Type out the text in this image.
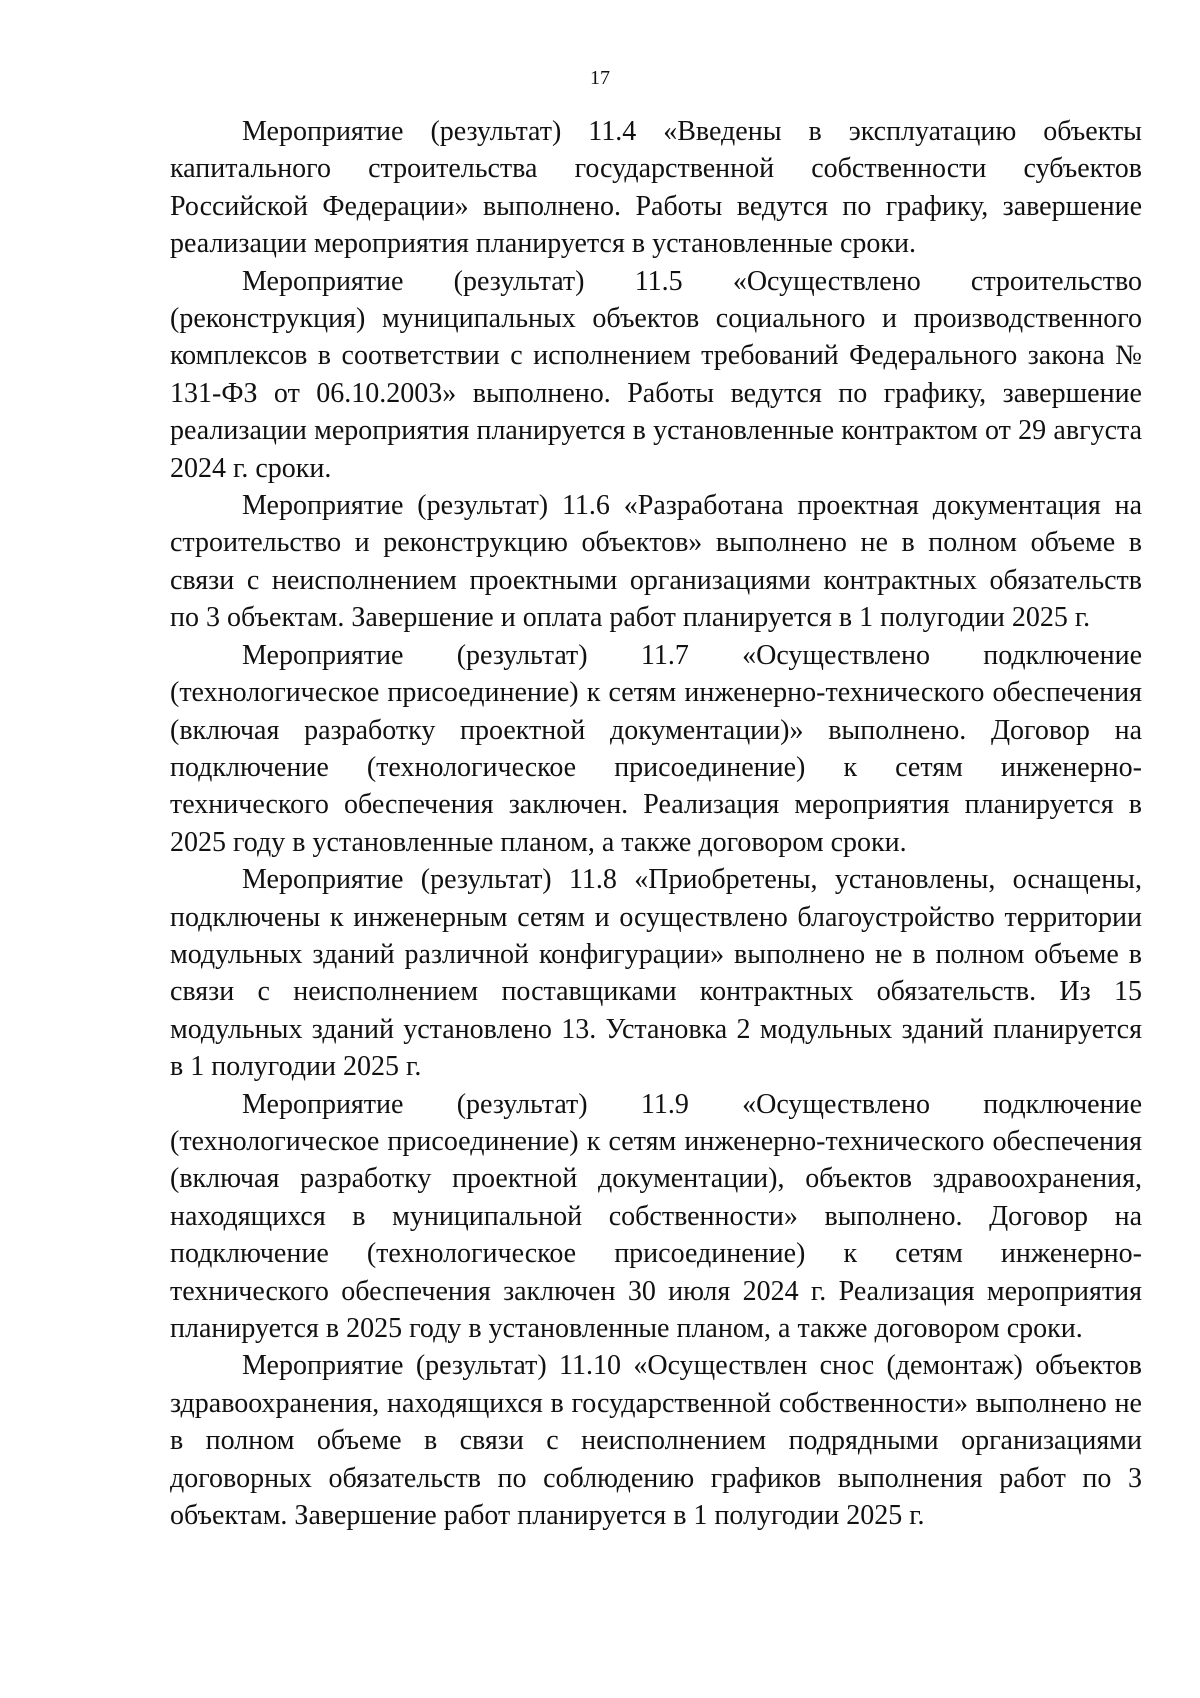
17

Мероприятие (результат) 11.4 «Введены в эксплуатацию объекты капитального строительства государственной собственности субъектов Российской Федерации» выполнено. Работы ведутся по графику, завершение реализации мероприятия планируется в установленные сроки.

Мероприятие (результат) 11.5 «Осуществлено строительство (реконструкция) муниципальных объектов социального и производственного комплексов в соответствии с исполнением требований Федерального закона № 131-ФЗ от 06.10.2003» выполнено. Работы ведутся по графику, завершение реализации мероприятия планируется в установленные контрактом от 29 августа 2024 г. сроки.

Мероприятие (результат) 11.6 «Разработана проектная документация на строительство и реконструкцию объектов» выполнено не в полном объеме в связи с неисполнением проектными организациями контрактных обязательств по 3 объектам. Завершение и оплата работ планируется в 1 полугодии 2025 г.

Мероприятие (результат) 11.7 «Осуществлено подключение (технологическое присоединение) к сетям инженерно-технического обеспечения (включая разработку проектной документации)» выполнено. Договор на подключение (технологическое присоединение) к сетям инженерно-технического обеспечения заключен. Реализация мероприятия планируется в 2025 году в установленные планом, а также договором сроки.

Мероприятие (результат) 11.8 «Приобретены, установлены, оснащены, подключены к инженерным сетям и осуществлено благоустройство территории модульных зданий различной конфигурации» выполнено не в полном объеме в связи с неисполнением поставщиками контрактных обязательств. Из 15 модульных зданий установлено 13. Установка 2 модульных зданий планируется в 1 полугодии 2025 г.

Мероприятие (результат) 11.9 «Осуществлено подключение (технологическое присоединение) к сетям инженерно-технического обеспечения (включая разработку проектной документации), объектов здравоохранения, находящихся в муниципальной собственности» выполнено. Договор на подключение (технологическое присоединение) к сетям инженерно-технического обеспечения заключен 30 июля 2024 г. Реализация мероприятия планируется в 2025 году в установленные планом, а также договором сроки.

Мероприятие (результат) 11.10 «Осуществлен снос (демонтаж) объектов здравоохранения, находящихся в государственной собственности» выполнено не в полном объеме в связи с неисполнением подрядными организациями договорных обязательств по соблюдению графиков выполнения работ по 3 объектам. Завершение работ планируется в 1 полугодии 2025 г.
